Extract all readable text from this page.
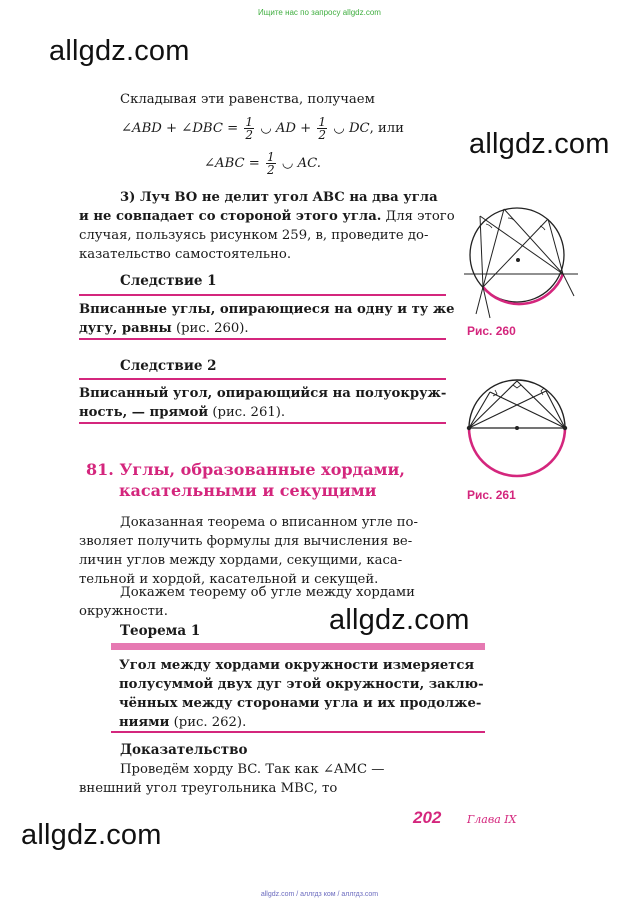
Ищите нас по запросу allgdz.com
allgdz.com
allgdz.com
allgdz.com
allgdz.com
Складывая эти равенства, получаем
∠ABD + ∠DBC = $\frac{1}{2}$ ◡ AD + $\frac{1}{2}$ ◡ DC, или
∠ABC = $\frac{1}{2}$ ◡ AC.
3) Луч BO не делит угол ABC на два угла
и не совпадает со стороной этого угла. Для этого
случая, пользуясь рисунком 259, в, проведите до-
казательство самостоятельно.
Следствие 1
Вписанные углы, опирающиеся на одну и ту же
дугу, равны (рис. 260).
Следствие 2
Вписанный угол, опирающийся на полуокруж-
ность, — прямой (рис. 261).
Рис. 260
Рис. 261
81. Углы, образованные хордами,
касательными и секущими
Доказанная теорема о вписанном угле по-
зволяет получить формулы для вычисления ве-
личин углов между хордами, секущими, каса-
тельной и хордой, касательной и секущей.
Докажем теорему об угле между хордами
окружности.
Теорема 1
Угол между хордами окружности измеряется
полусуммой двух дуг этой окружности, заклю-
чённых между сторонами угла и их продолже-
ниями (рис. 262).
Доказательство
Проведём хорду BC. Так как ∠AMC —
внешний угол треугольника MBC, то
202 Глава IX
allgdz.com / аллгдз ком / аллгдз.com
